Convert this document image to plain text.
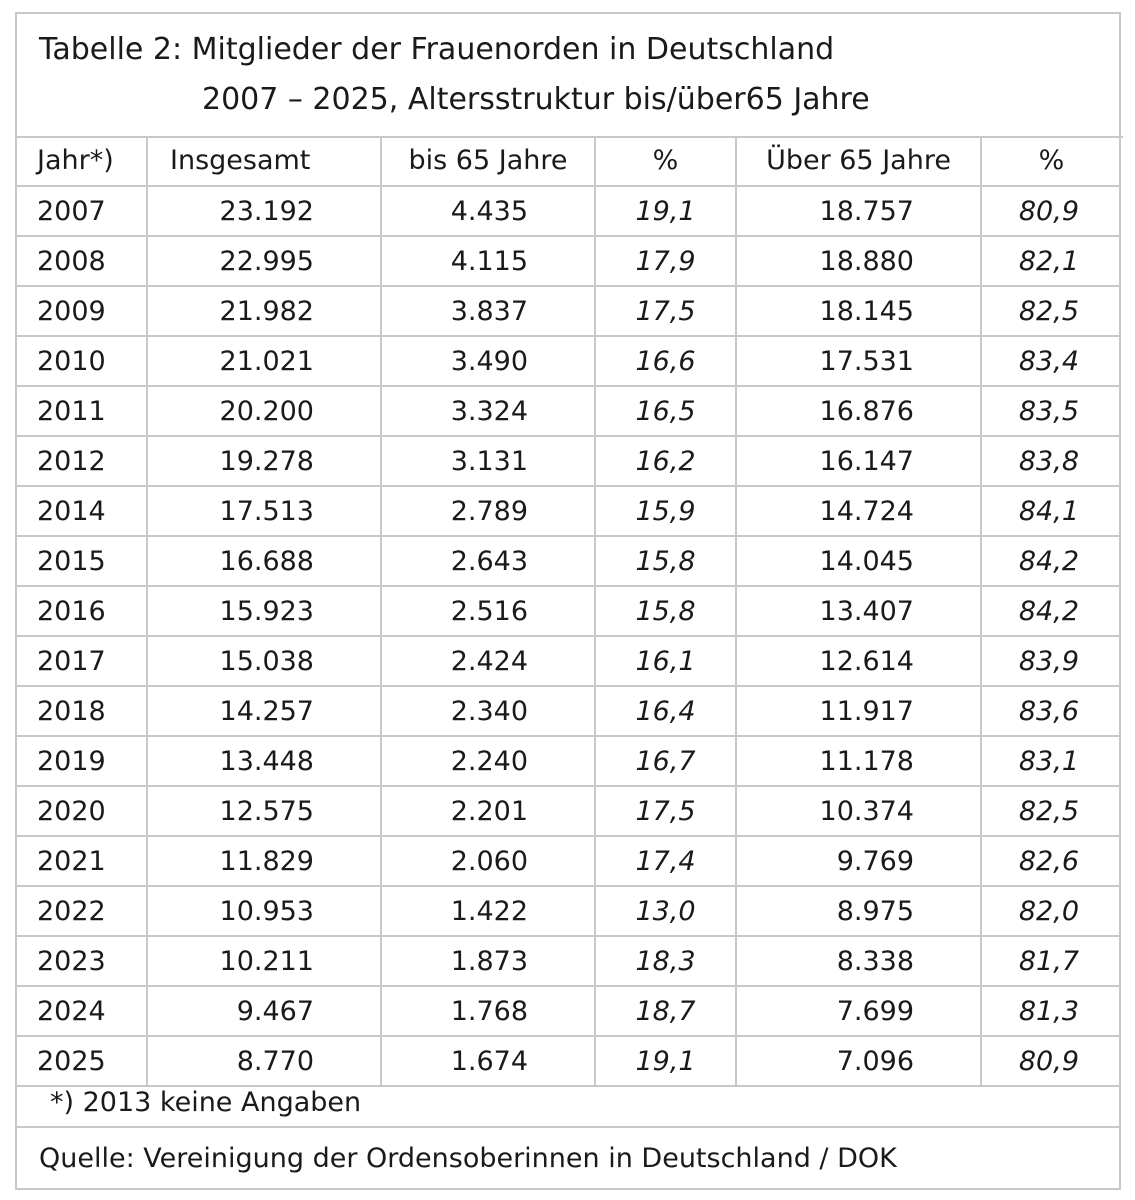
Tabelle 2: Mitglieder der Frauenorden in Deutschland
2007 – 2025, Altersstruktur bis/über65 Jahre
Jahr*)	Insgesamt	bis 65 Jahre	%	Über 65 Jahre	%
2007	23.192	4.435	19,1	18.757	80,9
2008	22.995	4.115	17,9	18.880	82,1
2009	21.982	3.837	17,5	18.145	82,5
2010	21.021	3.490	16,6	17.531	83,4
2011	20.200	3.324	16,5	16.876	83,5
2012	19.278	3.131	16,2	16.147	83,8
2014	17.513	2.789	15,9	14.724	84,1
2015	16.688	2.643	15,8	14.045	84,2
2016	15.923	2.516	15,8	13.407	84,2
2017	15.038	2.424	16,1	12.614	83,9
2018	14.257	2.340	16,4	11.917	83,6
2019	13.448	2.240	16,7	11.178	83,1
2020	12.575	2.201	17,5	10.374	82,5
2021	11.829	2.060	17,4	9.769	82,6
2022	10.953	1.422	13,0	8.975	82,0
2023	10.211	1.873	18,3	8.338	81,7
2024	9.467	1.768	18,7	7.699	81,3
2025	8.770	1.674	19,1	7.096	80,9
*) 2013 keine Angaben
Quelle: Vereinigung der Ordensoberinnen in Deutschland / DOK
